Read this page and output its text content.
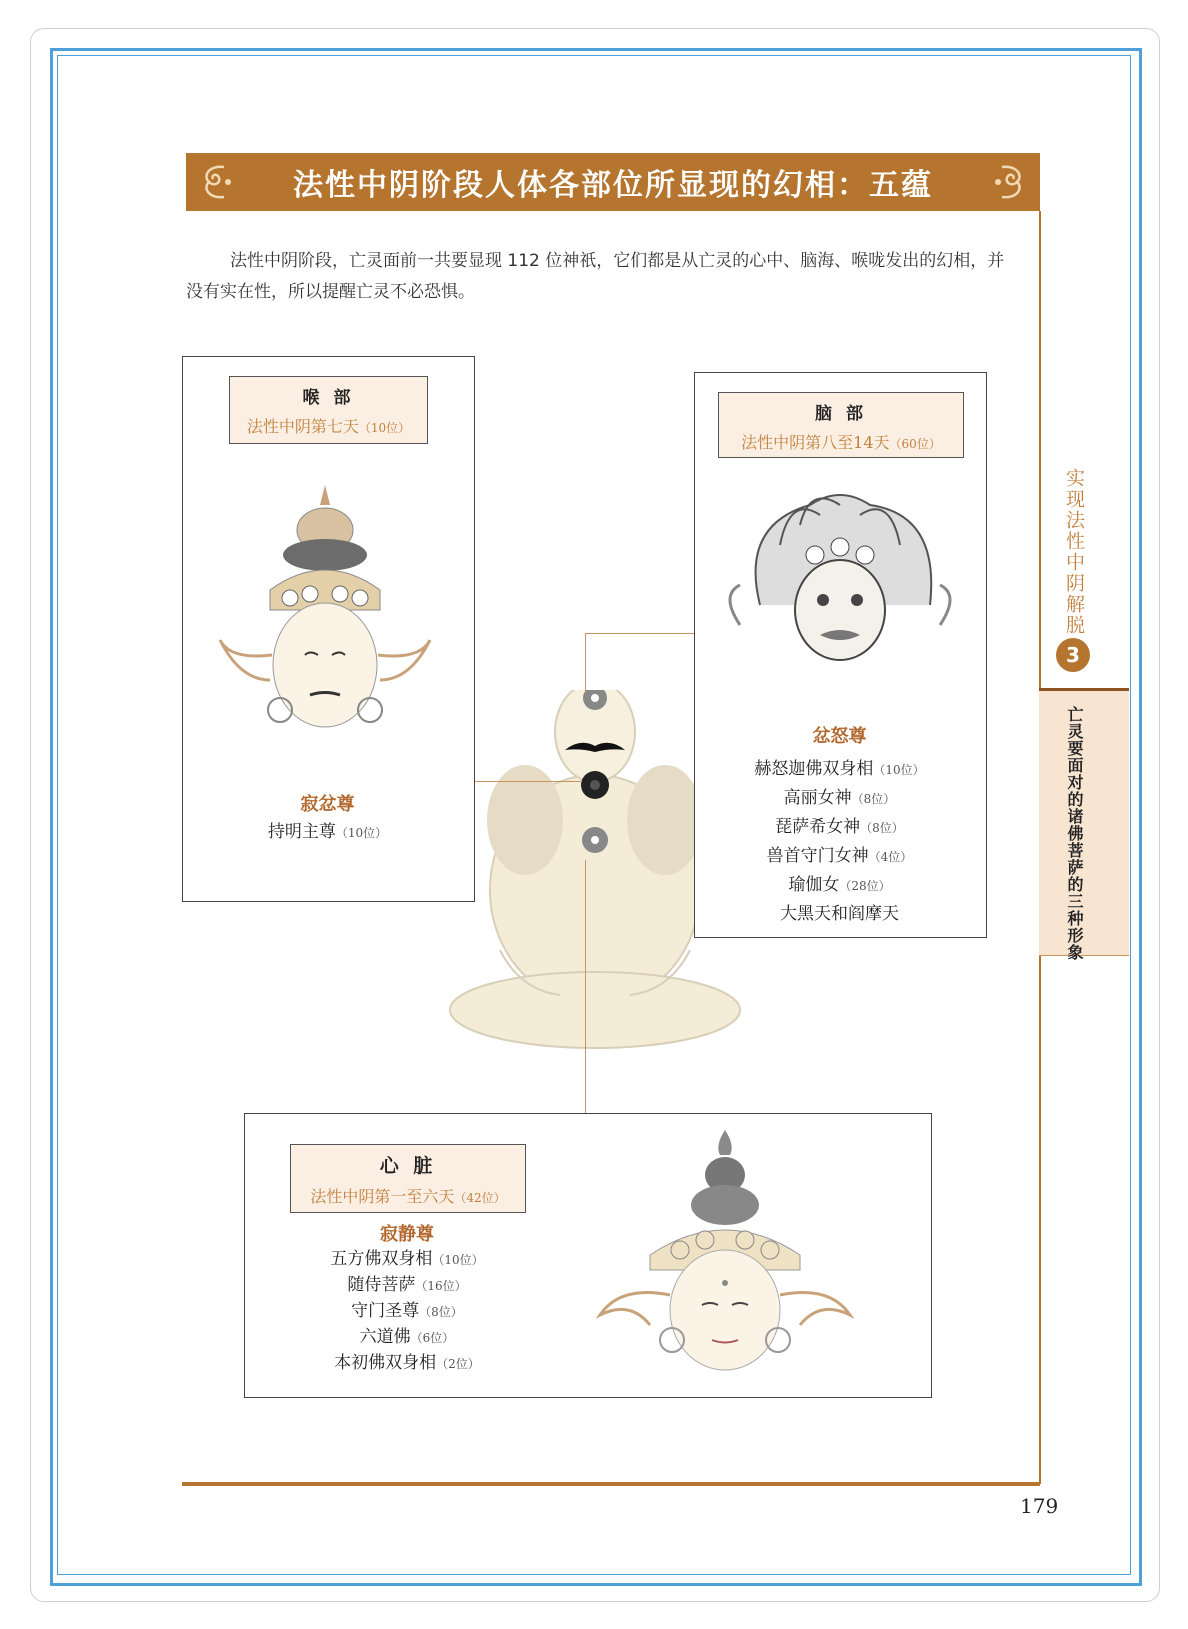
法性中阴阶段人体各部位所显现的幻相：五蕴

法性中阴阶段，亡灵面前一共要显现 112 位神祇，它们都是从亡灵的心中、脑海、喉咙发出的幻相，并没有实在性，所以提醒亡灵不必恐惧。

实现法性中阴解脱
3
亡灵要面对的诸佛菩萨的三种形象
喉 部
法性中阴第七天（10位）
寂忿尊
持明主尊（10位）
脑 部
法性中阴第八至14天（60位）
忿怒尊
赫怒迦佛双身相（10位）
高丽女神（8位）
琵萨希女神（8位）
兽首守门女神（4位）
瑜伽女（28位）
大黑天和阎摩天
心 脏
法性中阴第一至六天（42位）
寂静尊
五方佛双身相（10位）
随侍菩萨（16位）
守门圣尊（8位）
六道佛（6位）
本初佛双身相（2位）
179
